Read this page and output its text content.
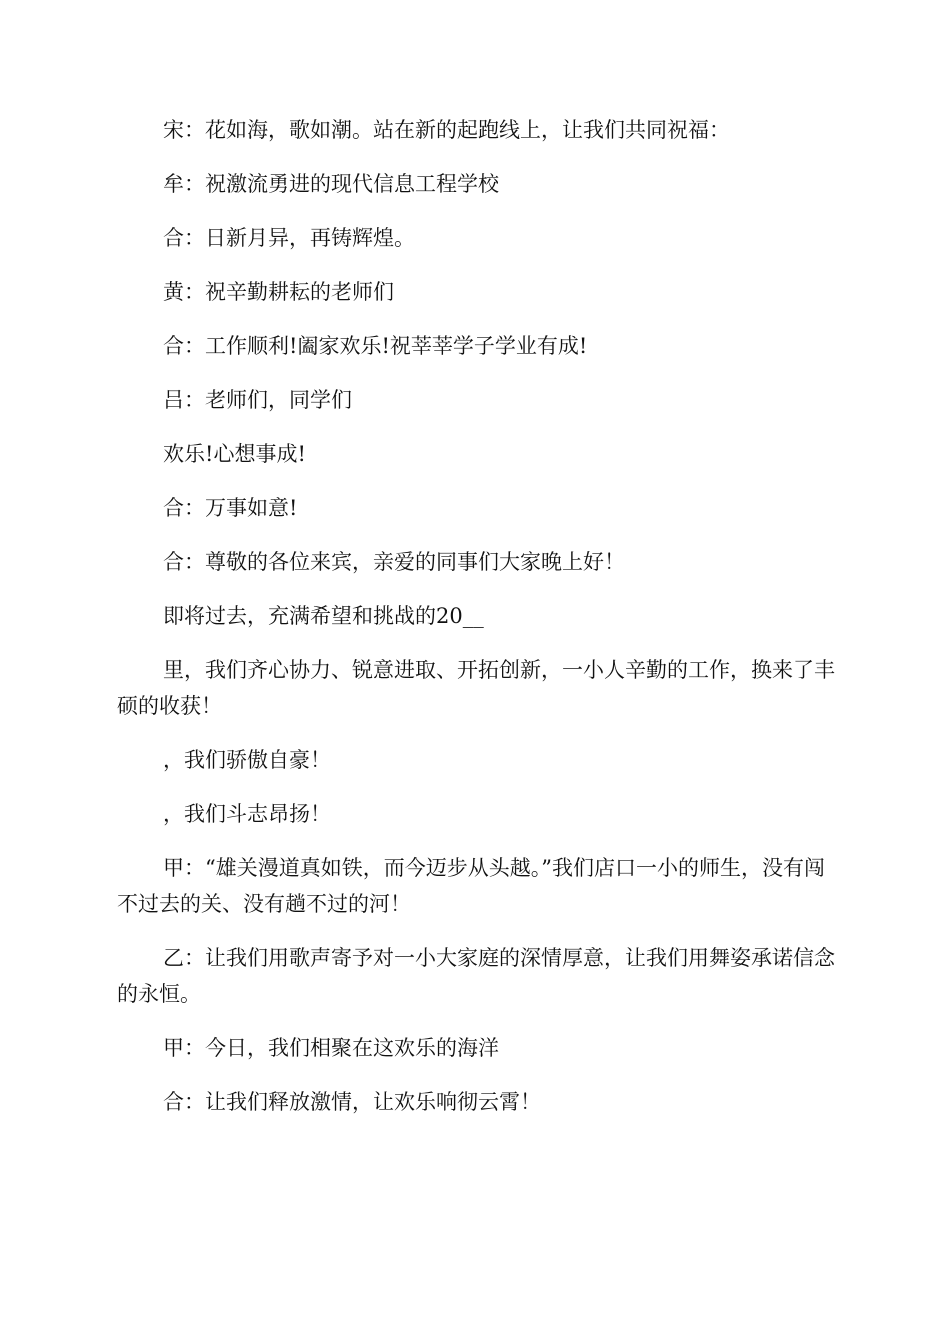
宋：花如海，歌如潮。站在新的起跑线上，让我们共同祝福：

牟：祝激流勇进的现代信息工程学校

合：日新月异，再铸辉煌。

黄：祝辛勤耕耘的老师们

合：工作顺利!阖家欢乐!祝莘莘学子学业有成!

吕：老师们，同学们

欢乐!心想事成!

合：万事如意!

合：尊敬的各位来宾，亲爱的同事们大家晚上好！

即将过去，充满希望和挑战的20__

里，我们齐心协力、锐意进取、开拓创新，一小人辛勤的工作，换来了丰硕的收获！

，我们骄傲自豪！

，我们斗志昂扬！

甲：“雄关漫道真如铁，而今迈步从头越。”我们店口一小的师生，没有闯不过去的关、没有趟不过的河！

乙：让我们用歌声寄予对一小大家庭的深情厚意，让我们用舞姿承诺信念的永恒。

甲：今日，我们相聚在这欢乐的海洋

合：让我们释放激情，让欢乐响彻云霄！
